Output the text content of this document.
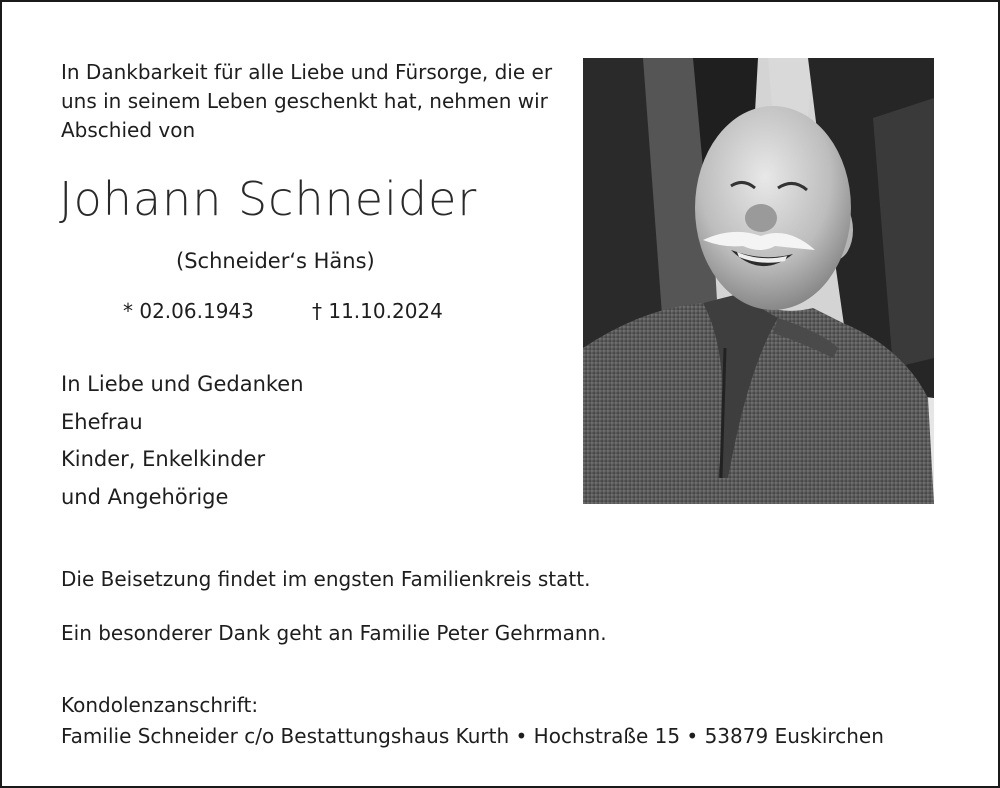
In Dankbarkeit für alle Liebe und Fürsorge, die er
uns in seinem Leben geschenkt hat, nehmen wir
Abschied von
Johann Schneider
(Schneider‘s Häns)
* 02.06.1943	† 11.10.2024
In Liebe und Gedanken
Ehefrau
Kinder, Enkelkinder
und Angehörige
Die Beisetzung findet im engsten Familienkreis statt.
Ein besonderer Dank geht an Familie Peter Gehrmann.
Kondolenzanschrift:
Familie Schneider c/o Bestattungshaus Kurth • Hochstraße 15 • 53879 Euskirchen
